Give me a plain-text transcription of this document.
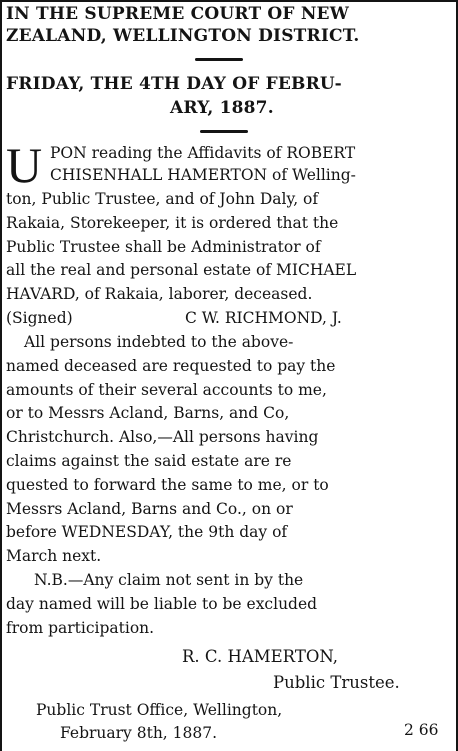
IN THE SUPREME COURT OF NEW
ZEALAND, WELLINGTON DISTRICT.
FRIDAY, THE 4TH DAY OF FEBRU-
ARY, 1887.
U PON reading the Affidavits of ROBERT
CHISENHALL HAMERTON of Welling-
ton, Public Trustee, and of John Daly, of
Rakaia, Storekeeper, it is ordered that the
Public Trustee shall be Administrator of
all the real and personal estate of MICHAEL
HAVARD, of Rakaia, laborer, deceased.
(Signed)	C W. RICHMOND, J.
All persons indebted to the above-
named deceased are requested to pay the
amounts of their several accounts to me,
or to Messrs Acland, Barns, and Co,
Christchurch. Also,—All persons having
claims against the said estate are re
quested to forward the same to me, or to
Messrs Acland, Barns and Co., on or
before WEDNESDAY, the 9th day of
March next.
N.B.—Any claim not sent in by the
day named will be liable to be excluded
from participation.
R. C. HAMERTON,
Public Trustee.
Public Trust Office, Wellington,
February 8th, 1887.	2 66
